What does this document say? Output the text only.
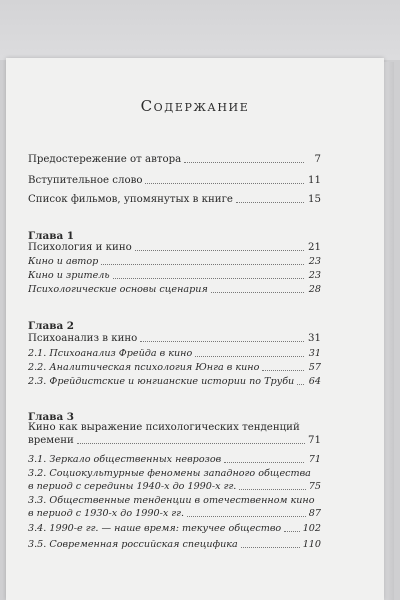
Содержание
Предостережение от автора	7
Вступительное слово	11
Список фильмов, упомянутых в книге	15
Глава 1
Психология и кино	21
Кино и автор	23
Кино и зритель	23
Психологические основы сценария	28
Глава 2
Психоанализ в кино	31
2.1. Психоанализ Фрейда в кино	31
2.2. Аналитическая психология Юнга в кино	57
2.3. Фрейдистские и юнгианские истории по Труби 64
Глава 3
Кино как выражение психологических тенденций
времени	71
3.1. Зеркало общественных неврозов	71
3.2. Социокультурные феномены западного общества
в период с середины 1940-х до 1990-х гг.	75
3.3. Общественные тенденции в отечественном кино
в период с 1930-х до 1990-х гг.	87
3.4. 1990-е гг. — наше время: текучее общество 102
3.5. Современная российская специфика	110
